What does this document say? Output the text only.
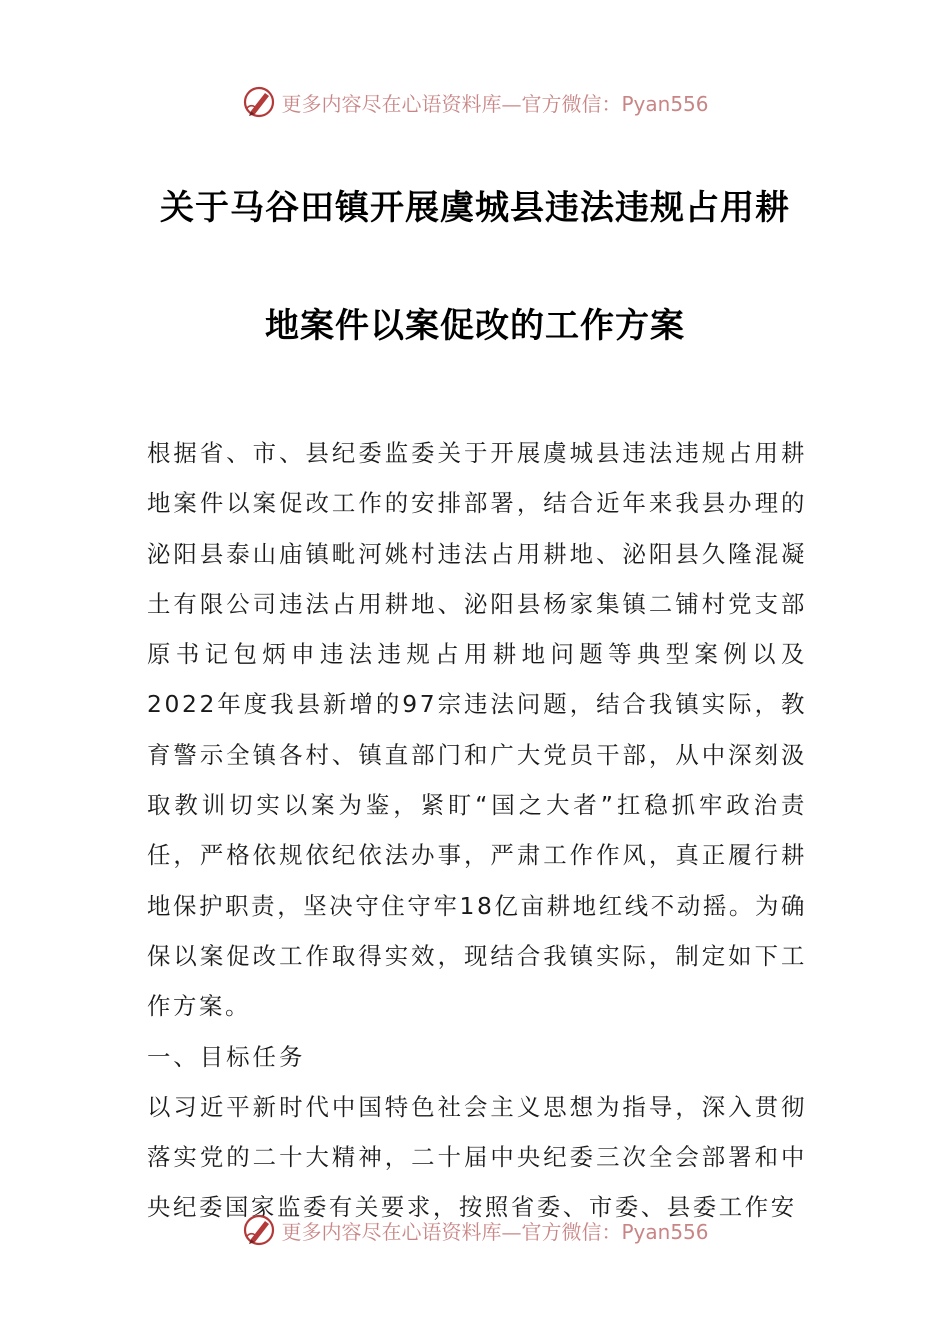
更多内容尽在心语资料库—官方微信：Pyan556
关于马谷田镇开展虞城县违法违规占用耕
地案件以案促改的工作方案

根据省、市、县纪委监委关于开展虞城县违法违规占用耕地案件以案促改工作的安排部署，结合近年来我县办理的泌阳县泰山庙镇毗河姚村违法占用耕地、泌阳县久隆混凝土有限公司违法占用耕地、泌阳县杨家集镇二铺村党支部原书记包炳申违法违规占用耕地问题等典型案例以及2022年度我县新增的97宗违法问题，结合我镇实际，教育警示全镇各村、镇直部门和广大党员干部，从中深刻汲取教训切实以案为鉴，紧盯“国之大者”扛稳抓牢政治责任，严格依规依纪依法办事，严肃工作作风，真正履行耕地保护职责，坚决守住守牢18亿亩耕地红线不动摇。为确保以案促改工作取得实效，现结合我镇实际，制定如下工作方案。

一、目标任务

以习近平新时代中国特色社会主义思想为指导，深入贯彻落实党的二十大精神，二十届中央纪委三次全会部署和中央纪委国家监委有关要求，按照省委、市委、县委工作安

更多内容尽在心语资料库—官方微信：Pyan556
